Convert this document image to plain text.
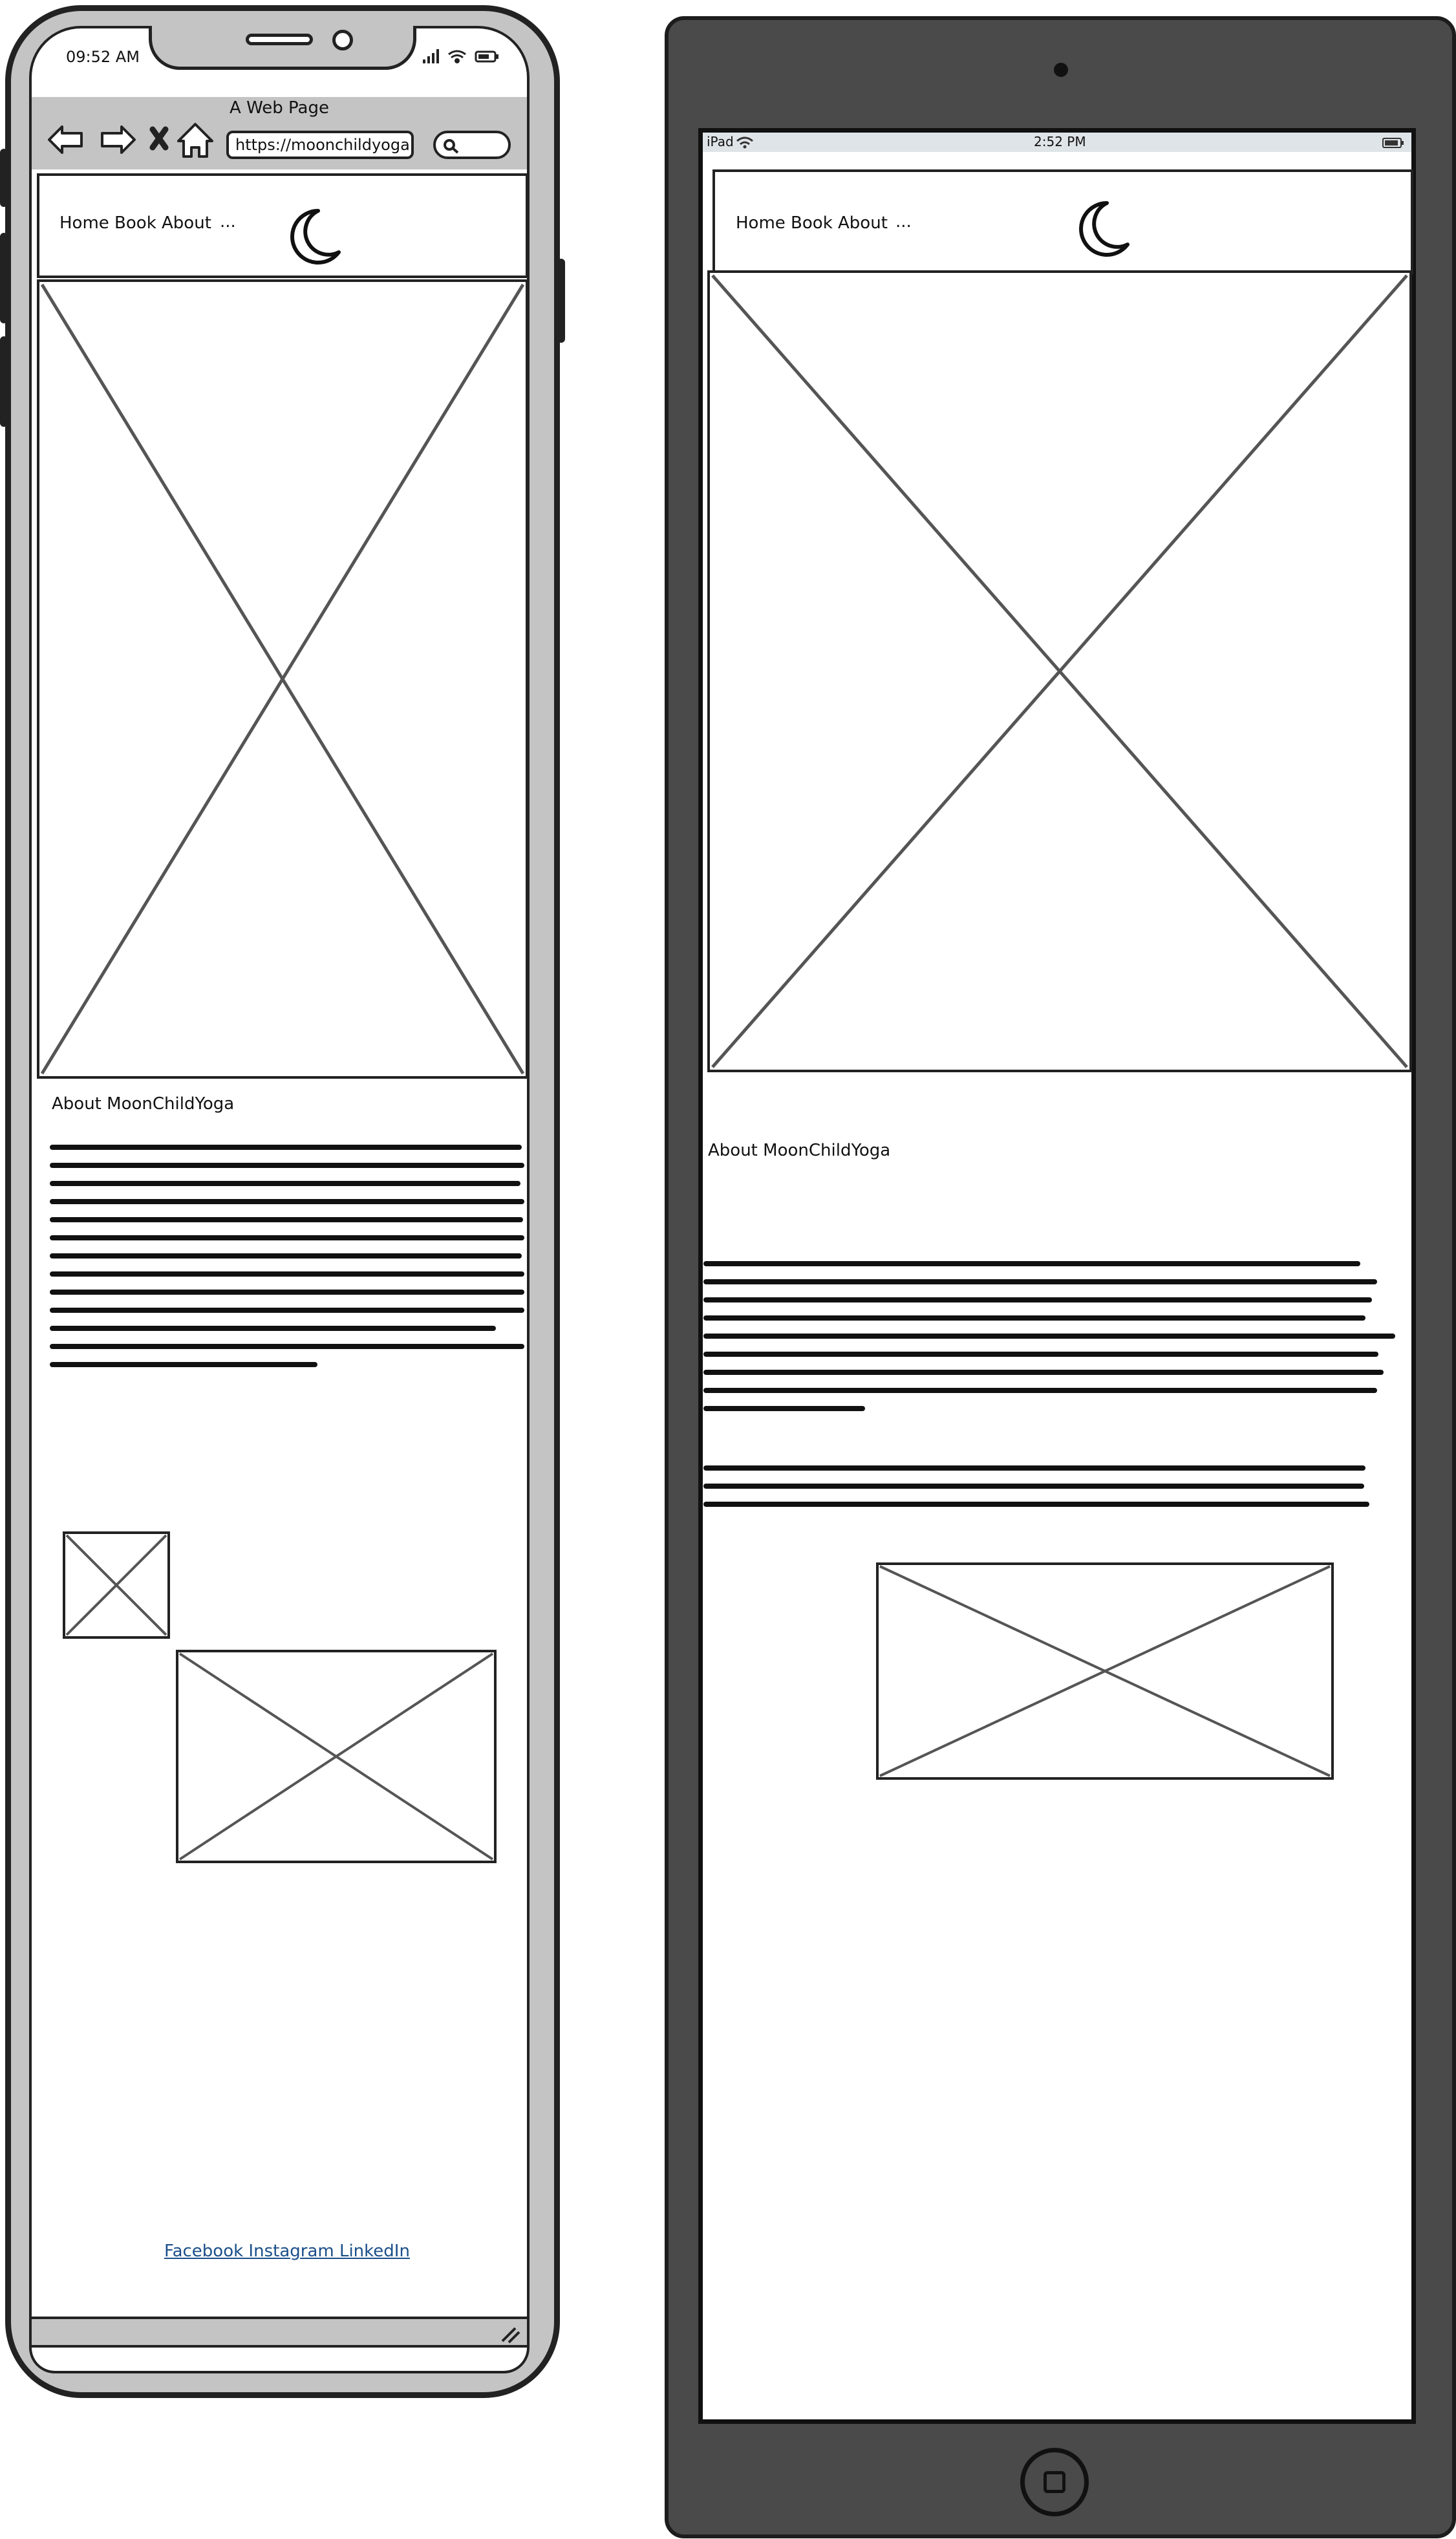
09:52 AM
A Web Page
https://moonchildyoga
Home Book About ...
About MoonChildYoga
Facebook Instagram LinkedIn
iPad	2:52 PM
Home Book About ...
About MoonChildYoga
